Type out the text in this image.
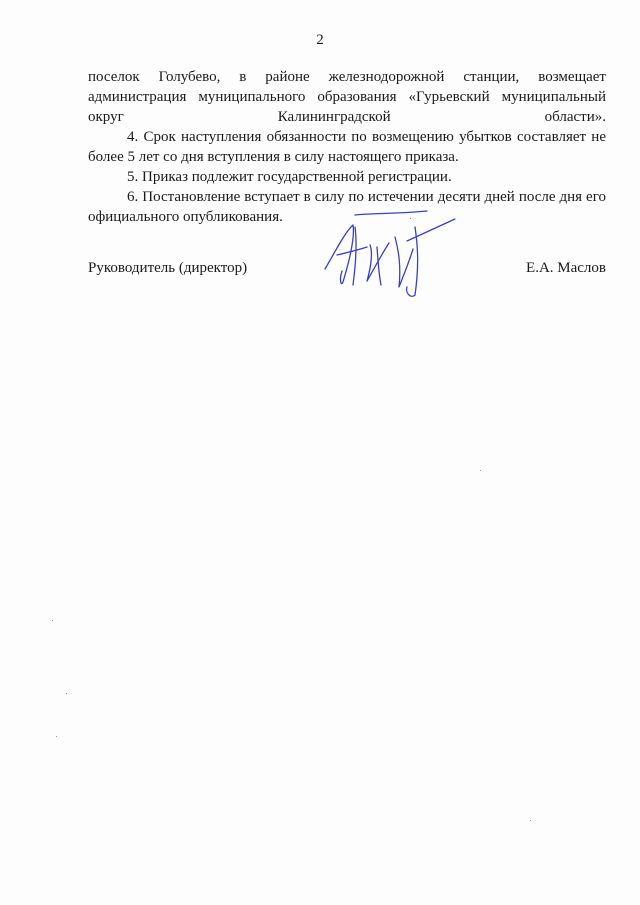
2

поселок Голубево, в районе железнодорожной станции, возмещает администрация муниципального образования «Гурьевский муниципальный округ Калининградской области».

4. Срок наступления обязанности по возмещению убытков составляет не более 5 лет со дня вступления в силу настоящего приказа.

5. Приказ подлежит государственной регистрации.

6. Постановление вступает в силу по истечении десяти дней после дня его официального опубликования.

Руководитель (директор)	Е.А. Маслов
